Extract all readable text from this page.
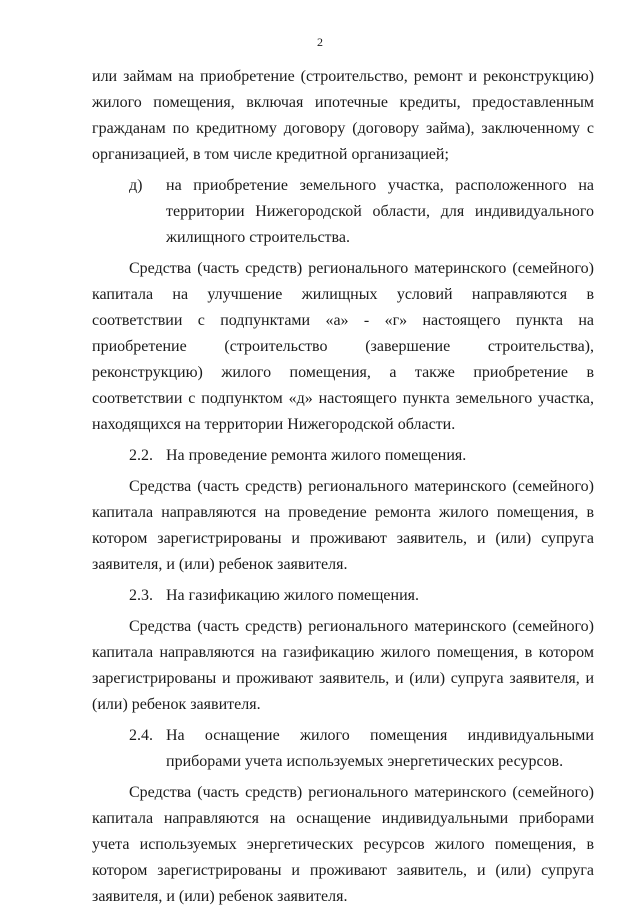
2

или займам на приобретение (строительство, ремонт и реконструкцию) жилого помещения, включая ипотечные кредиты, предоставленным гражданам по кредитному договору (договору займа), заключенному с организацией, в том числе кредитной организацией;

д)	на приобретение земельного участка, расположенного на территории Нижегородской области, для индивидуального жилищного строительства.

Средства (часть средств) регионального материнского (семейного) капитала на улучшение жилищных условий направляются в соответствии с подпунктами «а» - «г» настоящего пункта на приобретение (строительство (завершение строительства), реконструкцию) жилого помещения, а также приобретение в соответствии с подпунктом «д» настоящего пункта земельного участка, находящихся на территории Нижегородской области.

2.2. На проведение ремонта жилого помещения.

Средства (часть средств) регионального материнского (семейного) капитала направляются на проведение ремонта жилого помещения, в котором зарегистрированы и проживают заявитель, и (или) супруга заявителя, и (или) ребенок заявителя.

2.3. На газификацию жилого помещения.

Средства (часть средств) регионального материнского (семейного) капитала направляются на газификацию жилого помещения, в котором зарегистрированы и проживают заявитель, и (или) супруга заявителя, и (или) ребенок заявителя.

2.4. На оснащение жилого помещения индивидуальными приборами учета используемых энергетических ресурсов.

Средства (часть средств) регионального материнского (семейного) капитала направляются на оснащение индивидуальными приборами учета используемых энергетических ресурсов жилого помещения, в котором зарегистрированы и проживают заявитель, и (или) супруга заявителя, и (или) ребенок заявителя.
